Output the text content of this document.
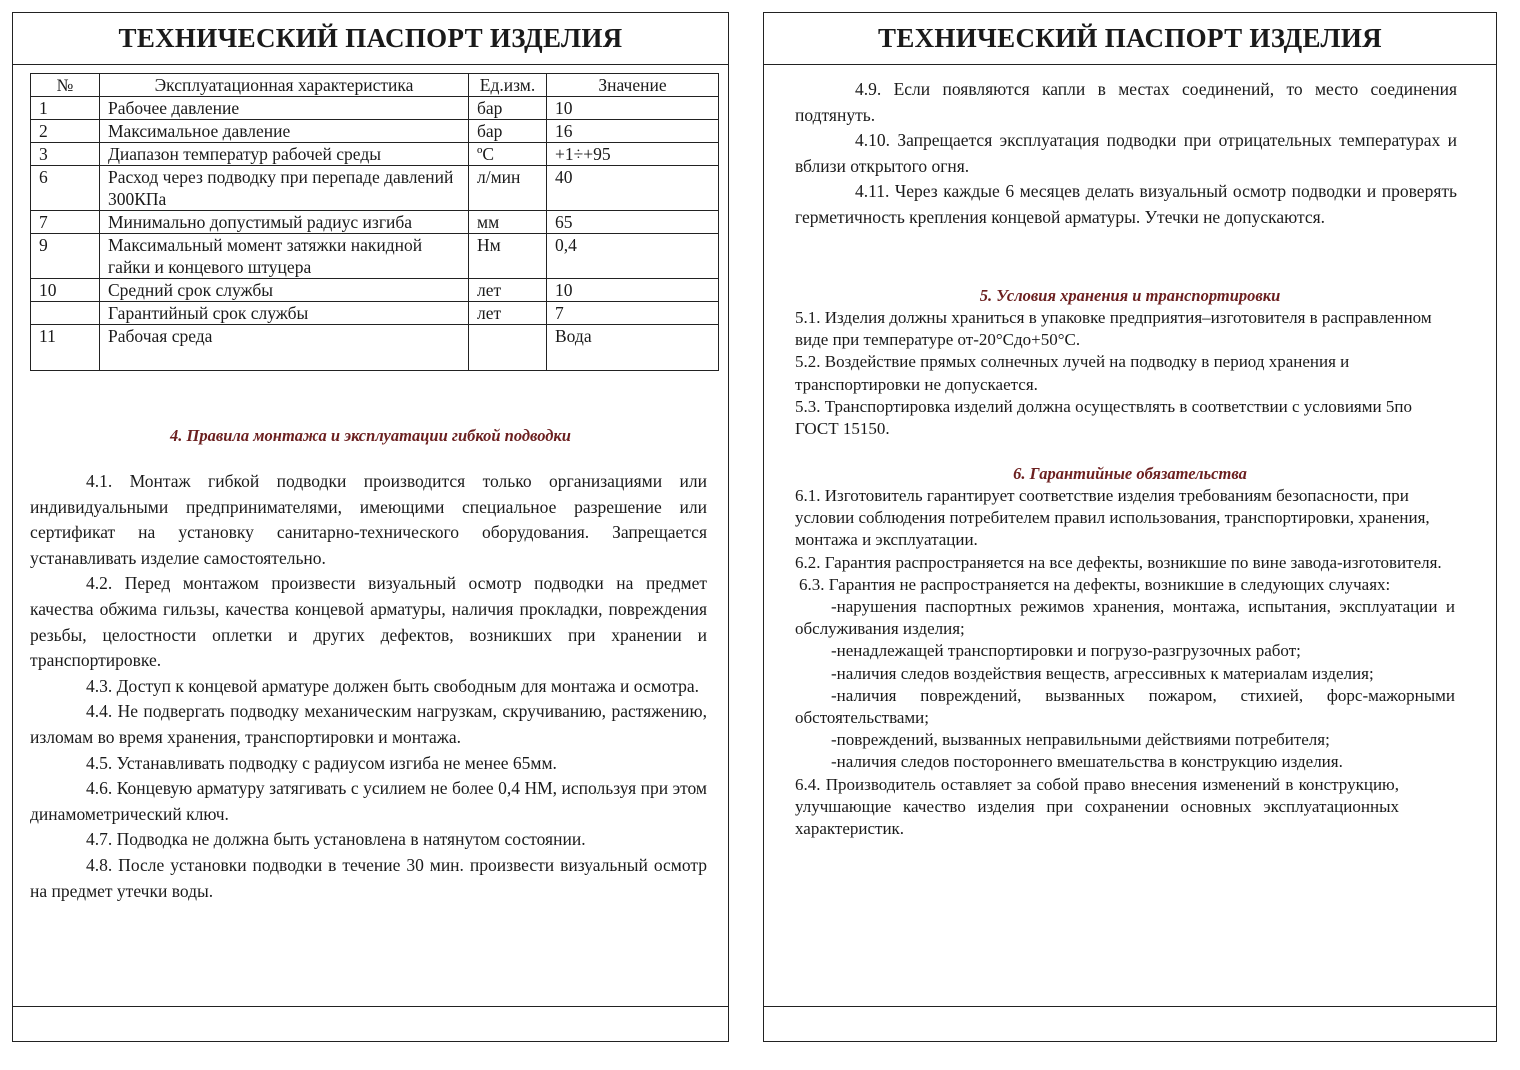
ТЕХНИЧЕСКИЙ ПАСПОРТ ИЗДЕЛИЯ
№	Эксплуатационная характеристика	Ед.изм.	Значение
1	Рабочее давление	бар	10
2	Максимальное давление	бар	16
3	Диапазон температур рабочей среды	ºC	+1÷+95
6	Расход через подводку при перепаде давлений 300КПа	л/мин	40
7	Минимально допустимый радиус изгиба	мм	65
9	Максимальный момент затяжки накидной гайки и концевого штуцера	Нм	0,4
10	Средний срок службы	лет	10
	Гарантийный срок службы	лет	7
11	Рабочая среда		Вода
4. Правила монтажа и эксплуатации гибкой подводки

4.1. Монтаж гибкой подводки производится только организациями или индивидуальными предпринимателями, имеющими специальное разрешение или сертификат на установку санитарно-технического оборудования. Запрещается устанавливать изделие самостоятельно.

4.2. Перед монтажом произвести визуальный осмотр подводки на предмет качества обжима гильзы, качества концевой арматуры, наличия прокладки, повреждения резьбы, целостности оплетки и других дефектов, возникших при хранении и транспортировке.

4.3. Доступ к концевой арматуре должен быть свободным для монтажа и осмотра.

4.4. Не подвергать подводку механическим нагрузкам, скручиванию, растяжению, изломам во время хранения, транспортировки и монтажа.

4.5. Устанавливать подводку с радиусом изгиба не менее 65мм.

4.6. Концевую арматуру затягивать с усилием не более 0,4 НМ, используя при этом динамометрический ключ.

4.7. Подводка не должна быть установлена в натянутом состоянии.

4.8. После установки подводки в течение 30 мин. произвести визуальный осмотр на предмет утечки воды.

ТЕХНИЧЕСКИЙ ПАСПОРТ ИЗДЕЛИЯ

4.9. Если появляются капли в местах соединений, то место соединения подтянуть.

4.10. Запрещается эксплуатация подводки при отрицательных температурах и вблизи открытого огня.

4.11. Через каждые 6 месяцев делать визуальный осмотр подводки и проверять герметичность крепления концевой арматуры. Утечки не допускаются.

5. Условия хранения и транспортировки

5.1. Изделия должны храниться в упаковке предприятия–изготовителя в расправленном виде при температуре от-20°Сдо+50°С.

5.2. Воздействие прямых солнечных лучей на подводку в период хранения и транспортировки не допускается.

5.3. Транспортировка изделий должна осуществлять в соответствии с условиями 5по ГОСТ 15150.

6. Гарантийные обязательства

6.1. Изготовитель гарантирует соответствие изделия требованиям безопасности, при условии соблюдения потребителем правил использования, транспортировки, хранения, монтажа и эксплуатации.

6.2. Гарантия распространяется на все дефекты, возникшие по вине завода-изготовителя.

6.3. Гарантия не распространяется на дефекты, возникшие в следующих случаях:

-нарушения паспортных режимов хранения, монтажа, испытания, эксплуатации и обслуживания изделия;

-ненадлежащей транспортировки и погрузо-разгрузочных работ;

-наличия следов воздействия веществ, агрессивных к материалам изделия;

-наличия повреждений, вызванных пожаром, стихией, форс-мажорными обстоятельствами;

-повреждений, вызванных неправильными действиями потребителя;

-наличия следов постороннего вмешательства в конструкцию изделия.

6.4. Производитель оставляет за собой право внесения изменений в конструкцию, улучшающие качество изделия при сохранении основных эксплуатационных характеристик.
